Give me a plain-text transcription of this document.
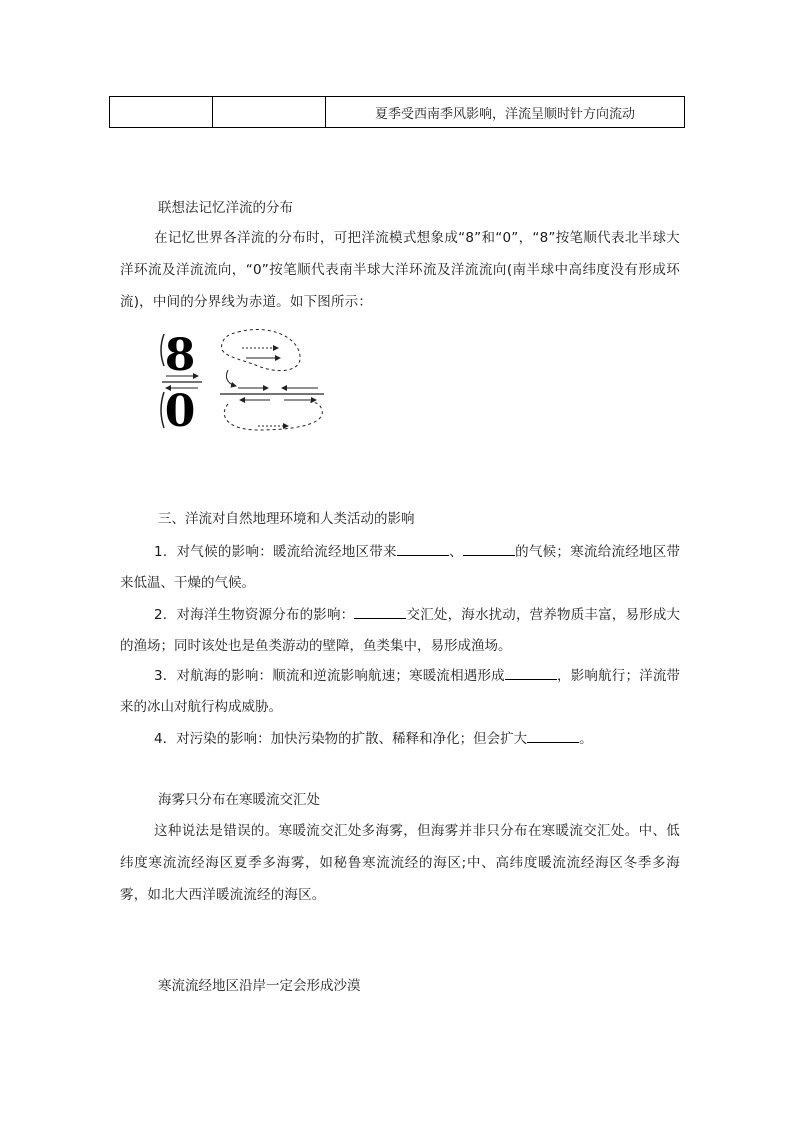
		夏季受西南季风影响，洋流呈顺时针方向流动
联想法记忆洋流的分布
在记忆世界各洋流的分布时，可把洋流模式想象成“8”和“0”，“8”按笔顺代表北半球大洋环流及洋流流向，“0”按笔顺代表南半球大洋环流及洋流流向(南半球中高纬度没有形成环流)，中间的分界线为赤道。如下图所示：
8
0
三、洋流对自然地理环境和人类活动的影响
1．对气候的影响：暖流给流经地区带来	、	的气候；寒流给流经地区带来低温、干燥的气候。
2．对海洋生物资源分布的影响：	交汇处，海水扰动，营养物质丰富，易形成大的渔场；同时该处也是鱼类游动的壁障，鱼类集中，易形成渔场。
3．对航海的影响：顺流和逆流影响航速；寒暖流相遇形成	，影响航行；洋流带来的冰山对航行构成威胁。
4．对污染的影响：加快污染物的扩散、稀释和净化；但会扩大	。
海雾只分布在寒暖流交汇处
这种说法是错误的。寒暖流交汇处多海雾，但海雾并非只分布在寒暖流交汇处。中、低纬度寒流流经海区夏季多海雾，如秘鲁寒流流经的海区;中、高纬度暖流流经海区冬季多海雾，如北大西洋暖流流经的海区。
寒流流经地区沿岸一定会形成沙漠
